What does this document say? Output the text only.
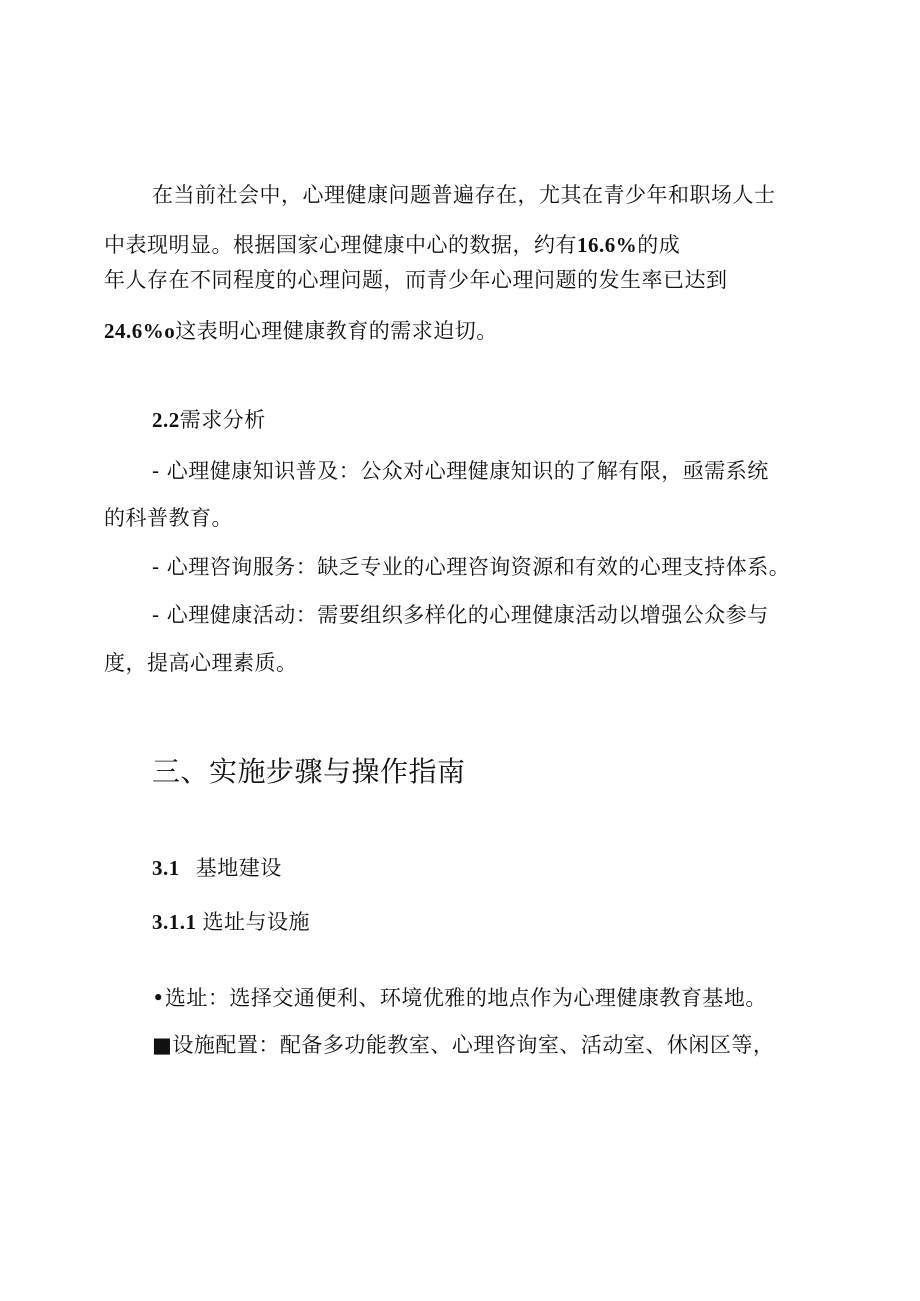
在当前社会中，心理健康问题普遍存在，尤其在青少年和职场人士
中表现明显。根据国家心理健康中心的数据，约有16.6%的成
年人存在不同程度的心理问题，而青少年心理问题的发生率已达到
24.6%o这表明心理健康教育的需求迫切。
2.2需求分析
- 心理健康知识普及：公众对心理健康知识的了解有限，亟需系统
的科普教育。
- 心理咨询服务：缺乏专业的心理咨询资源和有效的心理支持体系。
- 心理健康活动：需要组织多样化的心理健康活动以增强公众参与
度，提高心理素质。
三、实施步骤与操作指南
3.1 基地建设
3.1.1 选址与设施
•选址：选择交通便利、环境优雅的地点作为心理健康教育基地。
■设施配置：配备多功能教室、心理咨询室、活动室、休闲区等，
